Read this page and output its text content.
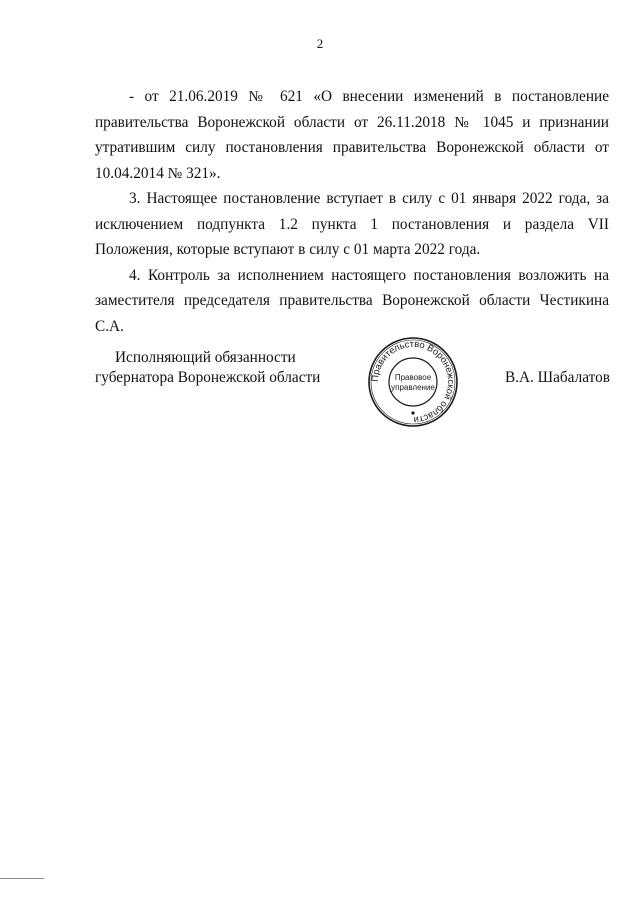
2

- от 21.06.2019 № 621 «О внесении изменений в постановление правительства Воронежской области от 26.11.2018 № 1045 и признании утратившим силу постановления правительства Воронежской области от 10.04.2014 № 321».

3. Настоящее постановление вступает в силу с 01 января 2022 года, за исключением подпункта 1.2 пункта 1 постановления и раздела VII Положения, которые вступают в силу с 01 марта 2022 года.

4. Контроль за исполнением настоящего постановления возложить на заместителя председателя правительства Воронежской области Честикина С.А.

Исполняющий обязанности
губернатора Воронежской области	Правительство Воронежской области
Правовое
управление
В.А. Шабалатов
